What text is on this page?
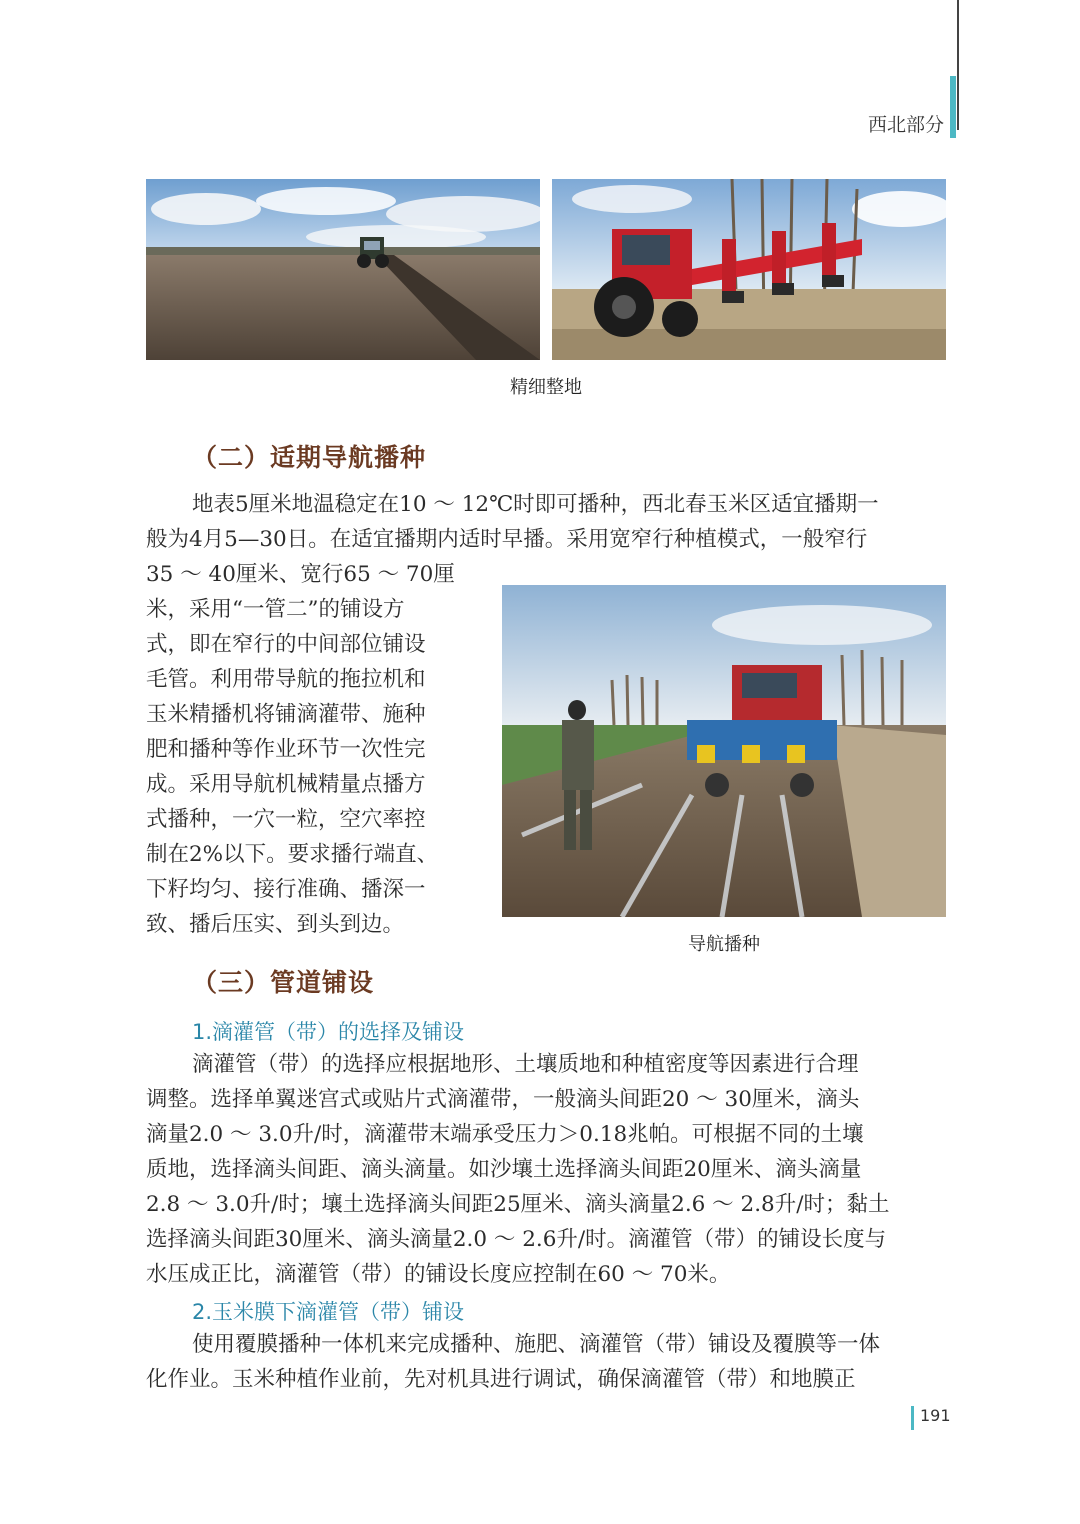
西北部分
精细整地
（二）适期导航播种
地表5厘米地温稳定在10 ～ 12℃时即可播种，西北春玉米区适宜播期一
般为4月5—30日。在适宜播期内适时早播。采用宽窄行种植模式，一般窄行
35 ～ 40厘米、宽行65 ～ 70厘
米，采用“一管二”的铺设方
式，即在窄行的中间部位铺设
毛管。利用带导航的拖拉机和
玉米精播机将铺滴灌带、施种
肥和播种等作业环节一次性完
成。采用导航机械精量点播方
式播种，一穴一粒，空穴率控
制在2%以下。要求播行端直、
下籽均匀、接行准确、播深一
致、播后压实、到头到边。
导航播种
（三）管道铺设
1.滴灌管（带）的选择及铺设
滴灌管（带）的选择应根据地形、土壤质地和种植密度等因素进行合理
调整。选择单翼迷宫式或贴片式滴灌带，一般滴头间距20 ～ 30厘米，滴头
滴量2.0 ～ 3.0升/时，滴灌带末端承受压力＞0.18兆帕。可根据不同的土壤
质地，选择滴头间距、滴头滴量。如沙壤土选择滴头间距20厘米、滴头滴量
2.8 ～ 3.0升/时；壤土选择滴头间距25厘米、滴头滴量2.6 ～ 2.8升/时；黏土
选择滴头间距30厘米、滴头滴量2.0 ～ 2.6升/时。滴灌管（带）的铺设长度与
水压成正比，滴灌管（带）的铺设长度应控制在60 ～ 70米。
2.玉米膜下滴灌管（带）铺设
使用覆膜播种一体机来完成播种、施肥、滴灌管（带）铺设及覆膜等一体
化作业。玉米种植作业前，先对机具进行调试，确保滴灌管（带）和地膜正
191
